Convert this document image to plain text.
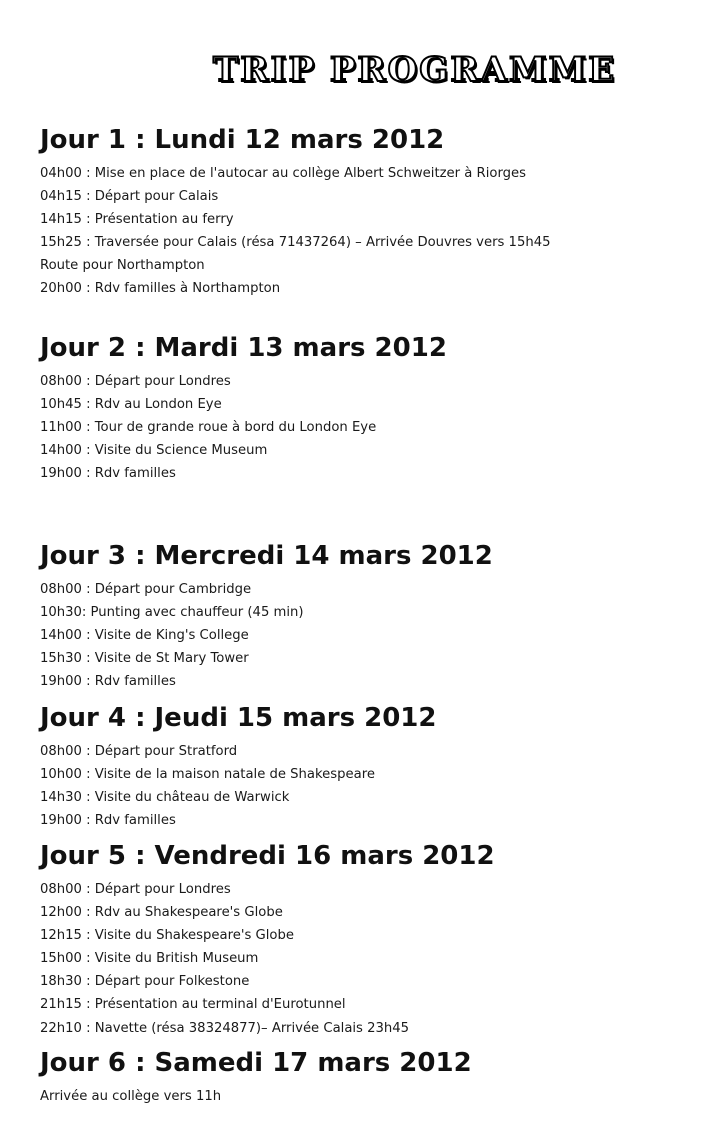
TRIP PROGRAMME
Jour 1 : Lundi 12 mars 2012
04h00 : Mise en place de l'autocar au collège Albert Schweitzer à Riorges
04h15 : Départ pour Calais
14h15 : Présentation au ferry
15h25 : Traversée pour Calais (résa 71437264) – Arrivée Douvres vers 15h45
Route pour Northampton
20h00 : Rdv familles à Northampton
Jour 2 : Mardi 13 mars 2012
08h00 : Départ pour Londres
10h45 : Rdv au London Eye
11h00 : Tour de grande roue à bord du London Eye
14h00 : Visite du Science Museum
19h00 : Rdv familles
Jour 3 : Mercredi 14 mars 2012
08h00 : Départ pour Cambridge
10h30: Punting avec chauffeur (45 min)
14h00 : Visite de King's College
15h30 : Visite de St Mary Tower
19h00 : Rdv familles
Jour 4 : Jeudi 15 mars 2012
08h00 : Départ pour Stratford
10h00 : Visite de la maison natale de Shakespeare
14h30 : Visite du château de Warwick
19h00 : Rdv familles
Jour 5 : Vendredi 16 mars 2012
08h00 : Départ pour Londres
12h00 : Rdv au Shakespeare's Globe
12h15 : Visite du Shakespeare's Globe
15h00 : Visite du British Museum
18h30 : Départ pour Folkestone
21h15 : Présentation au terminal d'Eurotunnel
22h10 : Navette (résa 38324877)– Arrivée Calais 23h45
Jour 6 : Samedi 17 mars 2012
Arrivée au collège vers 11h
